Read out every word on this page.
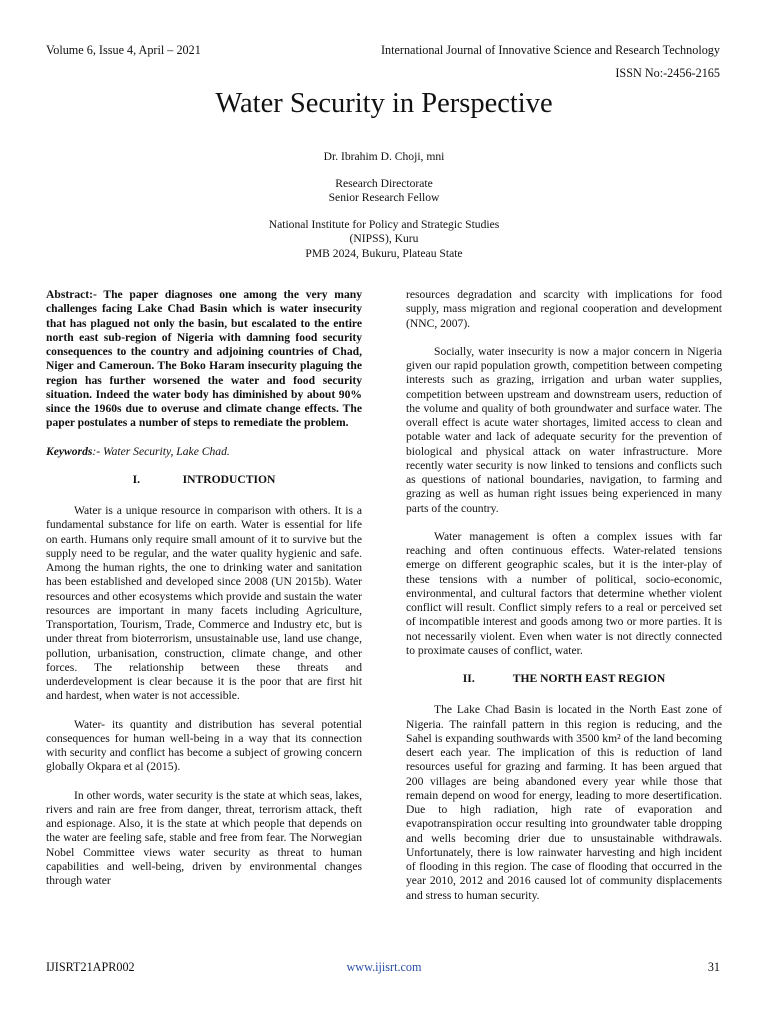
Volume 6, Issue 4, April – 2021	International Journal of Innovative Science and Research Technology
ISSN No:-2456-2165
Water Security in Perspective

Dr. Ibrahim D. Choji, mni

Research Directorate

Senior Research Fellow

National Institute for Policy and Strategic Studies

(NIPSS), Kuru

PMB 2024, Bukuru, Plateau State

Abstract:- The paper diagnoses one among the very many challenges facing Lake Chad Basin which is water insecurity that has plagued not only the basin, but escalated to the entire north east sub-region of Nigeria with damning food security consequences to the country and adjoining countries of Chad, Niger and Cameroun. The Boko Haram insecurity plaguing the region has further worsened the water and food security situation. Indeed the water body has diminished by about 90% since the 1960s due to overuse and climate change effects. The paper postulates a number of steps to remediate the problem.

Keywords:- Water Security, Lake Chad.

I.	INTRODUCTION

Water is a unique resource in comparison with others. It is a fundamental substance for life on earth. Water is essential for life on earth. Humans only require small amount of it to survive but the supply need to be regular, and the water quality hygienic and safe. Among the human rights, the one to drinking water and sanitation has been established and developed since 2008 (UN 2015b). Water resources and other ecosystems which provide and sustain the water resources are important in many facets including Agriculture, Transportation, Tourism, Trade, Commerce and Industry etc, but is under threat from bioterrorism, unsustainable use, land use change, pollution, urbanisation, construction, climate change, and other forces. The relationship between these threats and underdevelopment is clear because it is the poor that are first hit and hardest, when water is not accessible.

Water- its quantity and distribution has several potential consequences for human well-being in a way that its connection with security and conflict has become a subject of growing concern globally Okpara et al (2015).

In other words, water security is the state at which seas, lakes, rivers and rain are free from danger, threat, terrorism attack, theft and espionage. Also, it is the state at which people that depends on the water are feeling safe, stable and free from fear. The Norwegian Nobel Committee views water security as threat to human capabilities and well-being, driven by environmental changes through water

resources degradation and scarcity with implications for food supply, mass migration and regional cooperation and development (NNC, 2007).

Socially, water insecurity is now a major concern in Nigeria given our rapid population growth, competition between competing interests such as grazing, irrigation and urban water supplies, competition between upstream and downstream users, reduction of the volume and quality of both groundwater and surface water. The overall effect is acute water shortages, limited access to clean and potable water and lack of adequate security for the prevention of biological and physical attack on water infrastructure. More recently water security is now linked to tensions and conflicts such as questions of national boundaries, navigation, to farming and grazing as well as human right issues being experienced in many parts of the country.

Water management is often a complex issues with far reaching and often continuous effects. Water-related tensions emerge on different geographic scales, but it is the inter-play of these tensions with a number of political, socio-economic, environmental, and cultural factors that determine whether violent conflict will result. Conflict simply refers to a real or perceived set of incompatible interest and goods among two or more parties. It is not necessarily violent. Even when water is not directly connected to proximate causes of conflict, water.

II.	THE NORTH EAST REGION

The Lake Chad Basin is located in the North East zone of Nigeria. The rainfall pattern in this region is reducing, and the Sahel is expanding southwards with 3500 km² of the land becoming desert each year. The implication of this is reduction of land resources useful for grazing and farming. It has been argued that 200 villages are being abandoned every year while those that remain depend on wood for energy, leading to more desertification. Due to high radiation, high rate of evaporation and evapotranspiration occur resulting into groundwater table dropping and wells becoming drier due to unsustainable withdrawals. Unfortunately, there is low rainwater harvesting and high incident of flooding in this region. The case of flooding that occurred in the year 2010, 2012 and 2016 caused lot of community displacements and stress to human security.

IJISRT21APR002	www.ijisrt.com	31
